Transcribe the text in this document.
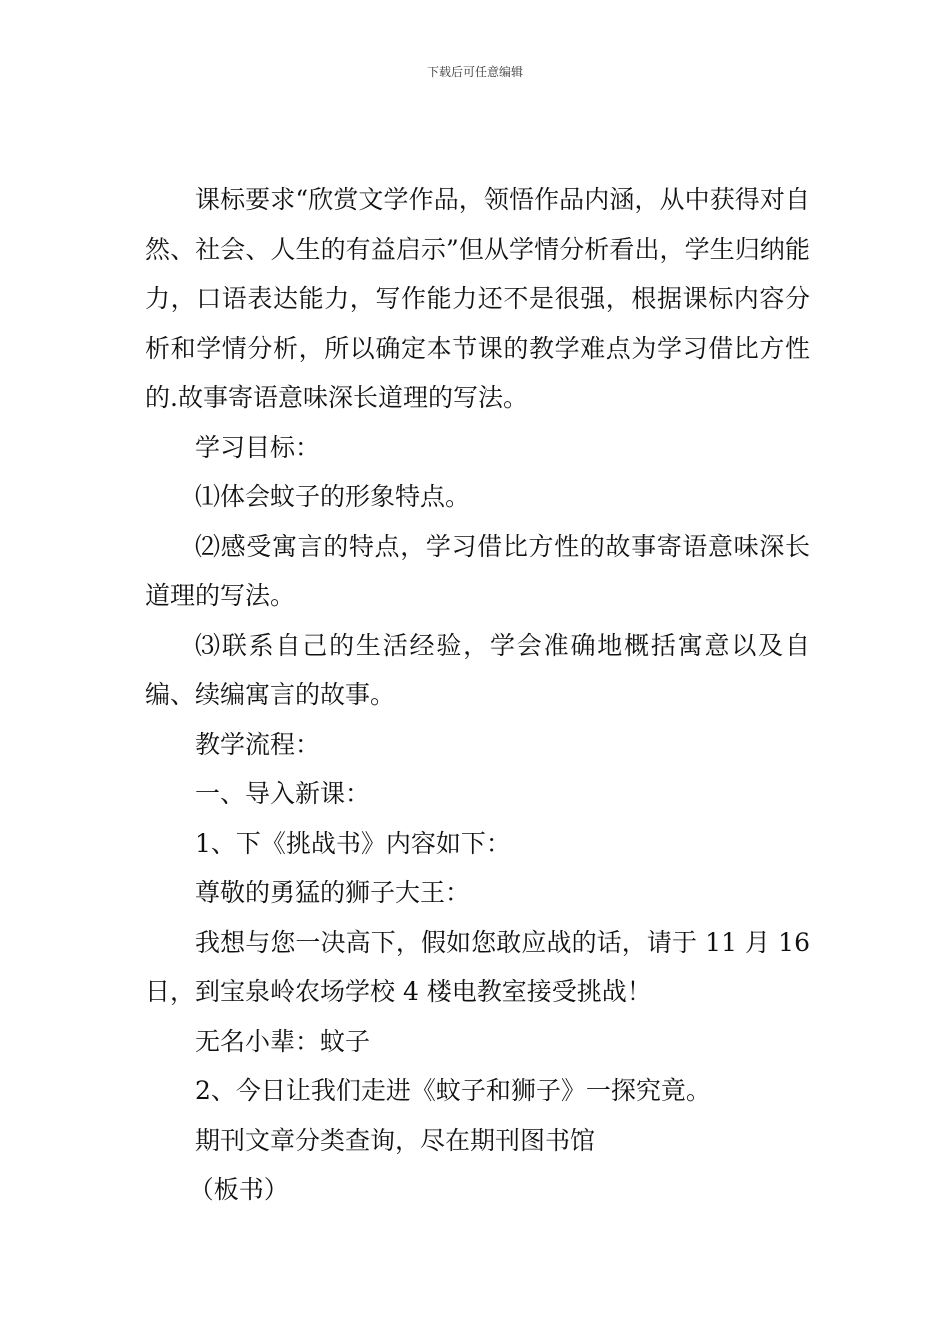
下载后可任意编辑

课标要求“欣赏文学作品，领悟作品内涵，从中获得对自然、社会、人生的有益启示”但从学情分析看出，学生归纳能力，口语表达能力，写作能力还不是很强，根据课标内容分析和学情分析，所以确定本节课的教学难点为学习借比方性的.故事寄语意味深长道理的写法。

学习目标：

⑴体会蚊子的形象特点。

⑵感受寓言的特点，学习借比方性的故事寄语意味深长道理的写法。

⑶联系自己的生活经验，学会准确地概括寓意以及自编、续编寓言的故事。

教学流程：

一、导入新课：

1、下《挑战书》内容如下：

尊敬的勇猛的狮子大王：

我想与您一决高下，假如您敢应战的话，请于 11 月 16 日，到宝泉岭农场学校 4 楼电教室接受挑战！

无名小辈：蚊子

2、今日让我们走进《蚊子和狮子》一探究竟。

期刊文章分类查询，尽在期刊图书馆

（板书）
